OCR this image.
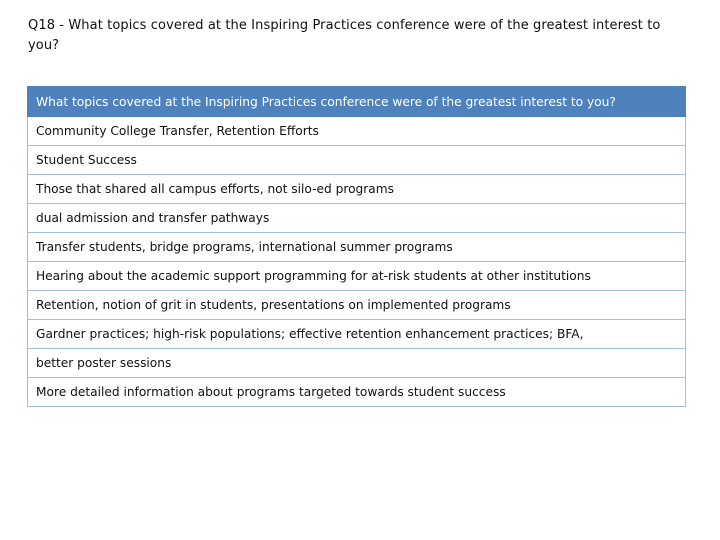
Q18 - What topics covered at the Inspiring Practices conference were of the greatest interest to you?
What topics covered at the Inspiring Practices conference were of the greatest interest to you?
Community College Transfer, Retention Efforts
Student Success
Those that shared all campus efforts, not silo-ed programs
dual admission and transfer pathways
Transfer students, bridge programs, international summer programs
Hearing about the academic support programming for at-risk students at other institutions
Retention, notion of grit in students, presentations on implemented programs
Gardner practices; high-risk populations; effective retention enhancement practices; BFA,
better poster sessions
More detailed information about programs targeted towards student success
